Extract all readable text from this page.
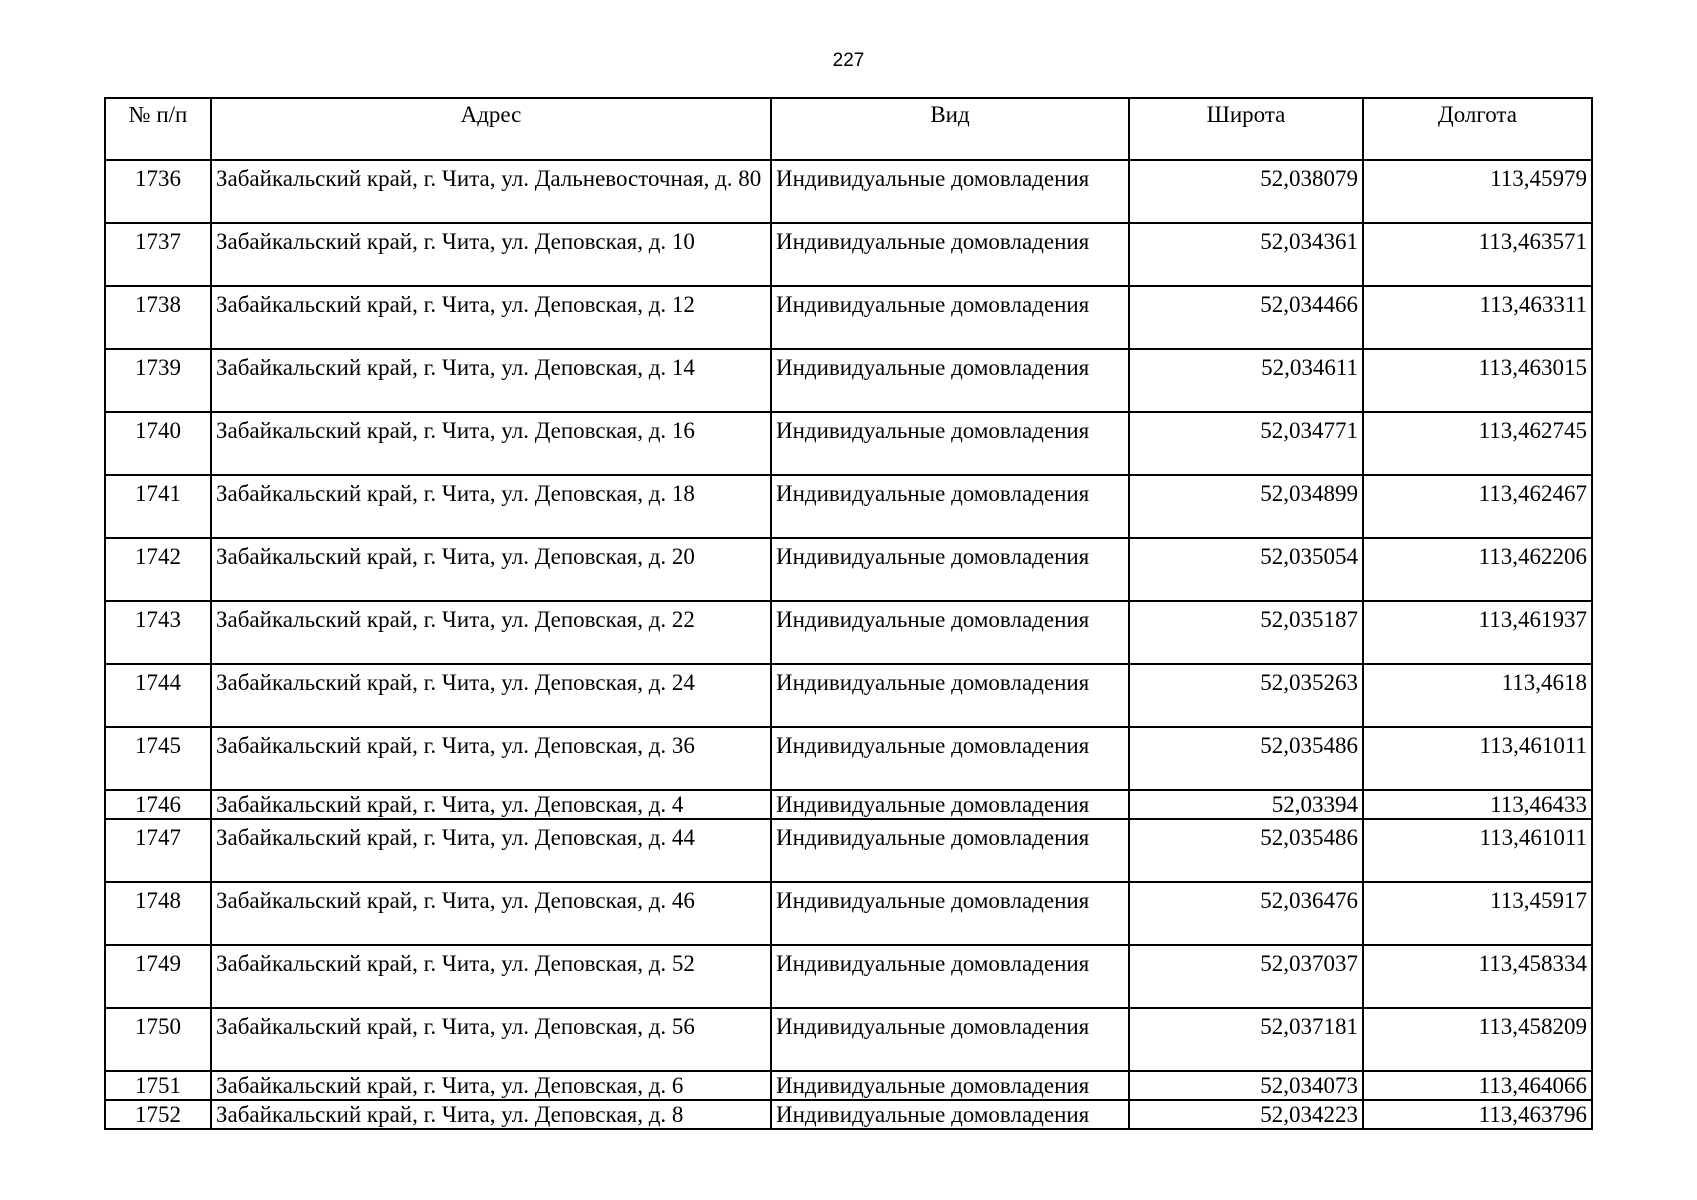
227
№ п/п	Адрес	Вид	Широта	Долгота
1736	Забайкальский край, г. Чита, ул. Дальневосточная, д. 80	Индивидуальные домовладения	52,038079	113,45979
1737	Забайкальский край, г. Чита, ул. Деповская, д. 10	Индивидуальные домовладения	52,034361	113,463571
1738	Забайкальский край, г. Чита, ул. Деповская, д. 12	Индивидуальные домовладения	52,034466	113,463311
1739	Забайкальский край, г. Чита, ул. Деповская, д. 14	Индивидуальные домовладения	52,034611	113,463015
1740	Забайкальский край, г. Чита, ул. Деповская, д. 16	Индивидуальные домовладения	52,034771	113,462745
1741	Забайкальский край, г. Чита, ул. Деповская, д. 18	Индивидуальные домовладения	52,034899	113,462467
1742	Забайкальский край, г. Чита, ул. Деповская, д. 20	Индивидуальные домовладения	52,035054	113,462206
1743	Забайкальский край, г. Чита, ул. Деповская, д. 22	Индивидуальные домовладения	52,035187	113,461937
1744	Забайкальский край, г. Чита, ул. Деповская, д. 24	Индивидуальные домовладения	52,035263	113,4618
1745	Забайкальский край, г. Чита, ул. Деповская, д. 36	Индивидуальные домовладения	52,035486	113,461011
1746	Забайкальский край, г. Чита, ул. Деповская, д. 4	Индивидуальные домовладения	52,03394	113,46433
1747	Забайкальский край, г. Чита, ул. Деповская, д. 44	Индивидуальные домовладения	52,035486	113,461011
1748	Забайкальский край, г. Чита, ул. Деповская, д. 46	Индивидуальные домовладения	52,036476	113,45917
1749	Забайкальский край, г. Чита, ул. Деповская, д. 52	Индивидуальные домовладения	52,037037	113,458334
1750	Забайкальский край, г. Чита, ул. Деповская, д. 56	Индивидуальные домовладения	52,037181	113,458209
1751	Забайкальский край, г. Чита, ул. Деповская, д. 6	Индивидуальные домовладения	52,034073	113,464066
1752	Забайкальский край, г. Чита, ул. Деповская, д. 8	Индивидуальные домовладения	52,034223	113,463796
